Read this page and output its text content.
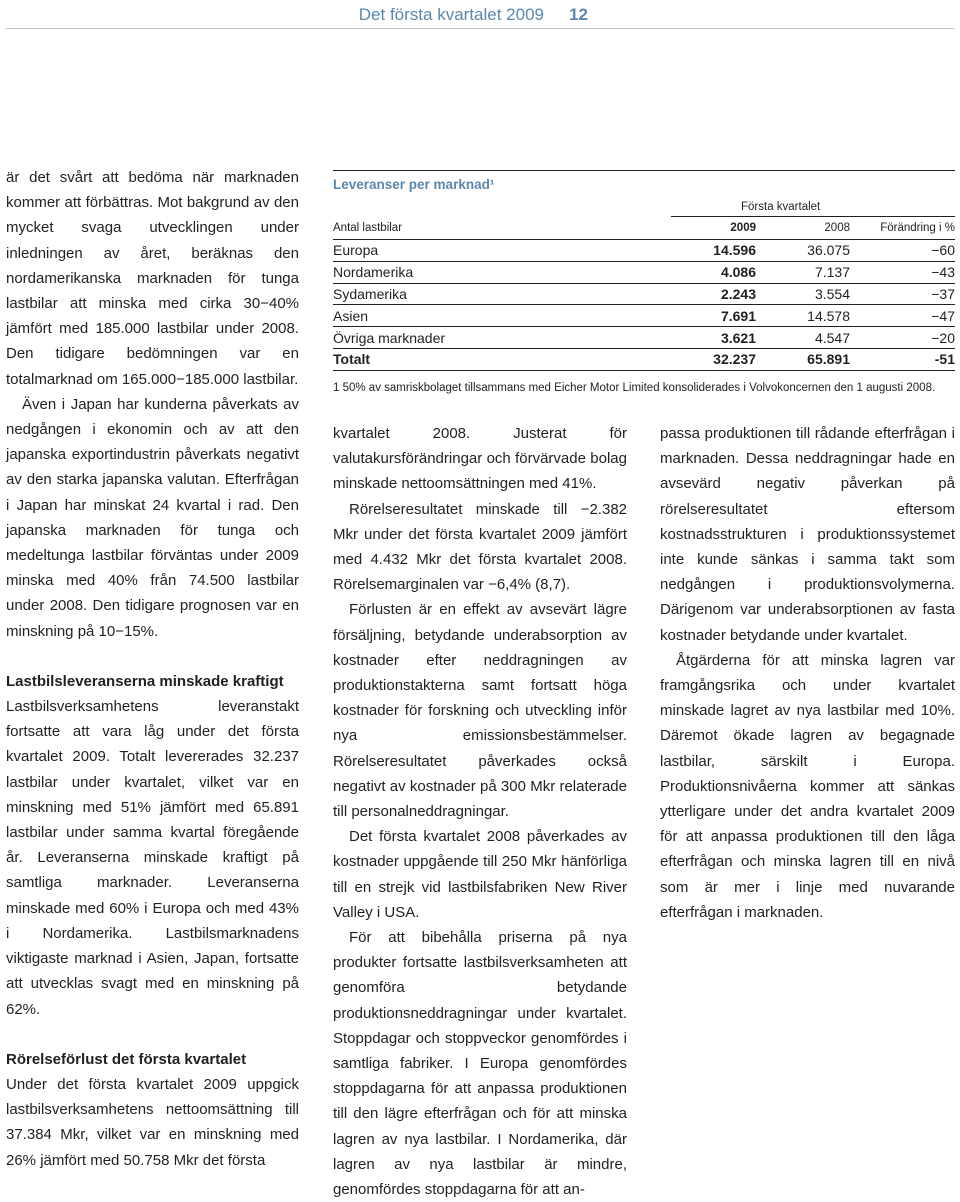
Det första kvartalet 2009 12

är det svårt att bedöma när marknaden kommer att förbättras. Mot bakgrund av den mycket svaga utvecklingen under inledningen av året, beräknas den nordamerikanska marknaden för tunga lastbilar att minska med cirka 30−40% jämfört med 185.000 lastbilar under 2008. Den tidigare bedömningen var en totalmarknad om 165.000−185.000 lastbilar.

Även i Japan har kunderna påverkats av nedgången i ekonomin och av att den japanska exportindustrin påverkats negativt av den starka japanska valutan. Efterfrågan i Japan har minskat 24 kvartal i rad. Den japanska marknaden för tunga och medeltunga lastbilar förväntas under 2009 minska med 40% från 74.500 lastbilar under 2008. Den tidigare prognosen var en minskning på 10−15%.

Lastbilsleveranserna minskade kraftigt

Lastbilsverksamhetens leveranstakt fortsatte att vara låg under det första kvartalet 2009. Totalt levererades 32.237 lastbilar under kvartalet, vilket var en minskning med 51% jämfört med 65.891 lastbilar under samma kvartal föregående år. Leveranserna minskade kraftigt på samtliga marknader. Leveranserna minskade med 60% i Europa och med 43% i Nordamerika. Lastbilsmarknadens viktigaste marknad i Asien, Japan, fortsatte att utvecklas svagt med en minskning på 62%.

Rörelseförlust det första kvartalet

Under det första kvartalet 2009 uppgick lastbilsverksamhetens nettoomsättning till 37.384 Mkr, vilket var en minskning med 26% jämfört med 50.758 Mkr det första

Leveranser per marknad¹
Första kvartalet
Antal lastbilar	2009	2008	Förändring i %
Europa	14.596	36.075	−60
Nordamerika	4.086	7.137	−43
Sydamerika	2.243	3.554	−37
Asien	7.691	14.578	−47
Övriga marknader	3.621	4.547	−20
Totalt	32.237	65.891	-51
1 50% av samriskbolaget tillsammans med Eicher Motor Limited konsoliderades i Volvokoncernen den 1 augusti 2008.

kvartalet 2008. Justerat för valutakursförändringar och förvärvade bolag minskade nettoomsättningen med 41%.

Rörelseresultatet minskade till −2.382 Mkr under det första kvartalet 2009 jämfört med 4.432 Mkr det första kvartalet 2008. Rörelsemarginalen var −6,4% (8,7).

Förlusten är en effekt av avsevärt lägre försäljning, betydande underabsorption av kostnader efter neddragningen av produktionstakterna samt fortsatt höga kostnader för forskning och utveckling inför nya emissionsbestämmelser. Rörelseresultatet påverkades också negativt av kostnader på 300 Mkr relaterade till personalneddragningar.

Det första kvartalet 2008 påverkades av kostnader uppgående till 250 Mkr hänförliga till en strejk vid lastbilsfabriken New River Valley i USA.

För att bibehålla priserna på nya produkter fortsatte lastbilsverksamheten att genomföra betydande produktionsneddragningar under kvartalet. Stoppdagar och stoppveckor genomfördes i samtliga fabriker. I Europa genomfördes stoppdagarna för att anpassa produktionen till den lägre efterfrågan och för att minska lagren av nya lastbilar. I Nordamerika, där lagren av nya lastbilar är mindre, genomfördes stoppdagarna för att an-

passa produktionen till rådande efterfrågan i marknaden. Dessa neddragningar hade en avsevärd negativ påverkan på rörelseresultatet eftersom kostnadsstrukturen i produktionssystemet inte kunde sänkas i samma takt som nedgången i produktionsvolymerna. Därigenom var underabsorptionen av fasta kostnader betydande under kvartalet.

Åtgärderna för att minska lagren var framgångsrika och under kvartalet minskade lagret av nya lastbilar med 10%. Däremot ökade lagren av begagnade lastbilar, särskilt i Europa. Produktionsnivåerna kommer att sänkas ytterligare under det andra kvartalet 2009 för att anpassa produktionen till den låga efterfrågan och minska lagren till en nivå som är mer i linje med nuvarande efterfrågan i marknaden.
